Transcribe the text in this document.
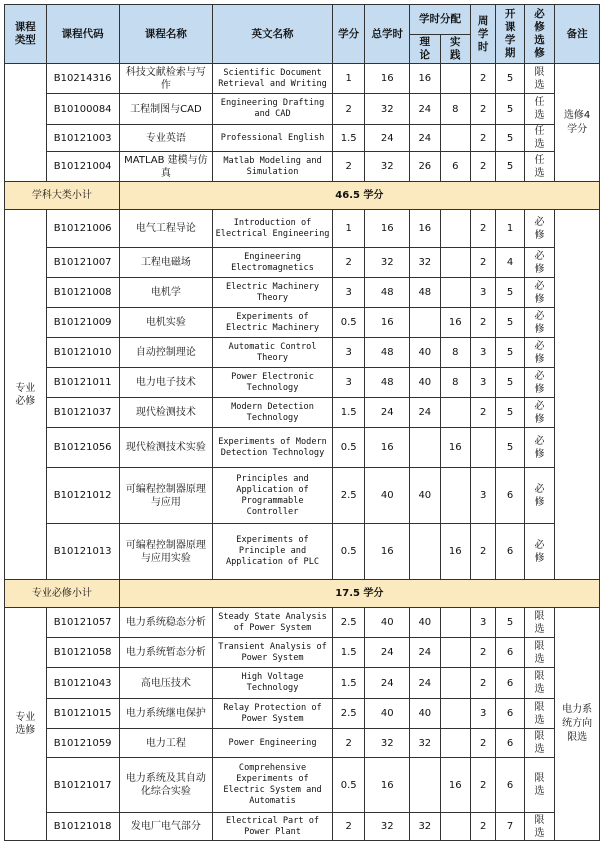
课程类型	课程代码	课程名称	英文名称	学分	总学时	学时分配		周学时	开课学期	必修选修	备注

						理论	实践				

	B10214316	科技文献检索与写作	Scientific Document Retrieval and Writing	1	16	16		2	5	限选	选修4 学分

	B10100084	工程制图与CAD	Engineering Drafting and CAD	2	32	24	8	2	5	任选	

	B10121003	专业英语	Professional English	1.5	24	24		2	5	任选	

	B10121004	MATLAB 建模与仿真	Matlab Modeling and Simulation	2	32	26	6	2	5	任选	

学科大类小计		46.5 学分									

专业必修	B10121006	电气工程导论	Introduction of Electrical Engineering	1	16	16		2	1	必修	

	B10121007	工程电磁场	Engineering Electromagnetics	2	32	32		2	4	必修	

	B10121008	电机学	Electric Machinery Theory	3	48	48		3	5	必修	

	B10121009	电机实验	Experiments of Electric Machinery	0.5	16		16	2	5	必修	

	B10121010	自动控制理论	Automatic Control Theory	3	48	40	8	3	5	必修	

	B10121011	电力电子技术	Power Electronic Technology	3	48	40	8	3	5	必修	

	B10121037	现代检测技术	Modern Detection Technology	1.5	24	24		2	5	必修	

	B10121056	现代检测技术实验	Experiments of Modern Detection Technology	0.5	16		16		5	必修	

	B10121012	可编程控制器原理与应用	Principles and Application of Programmable Controller	2.5	40	40		3	6	必修	

	B10121013	可编程控制器原理与应用实验	Experiments of Principle and Application of PLC	0.5	16		16	2	6	必修	

专业必修小计		17.5 学分									

专业选修	B10121057	电力系统稳态分析	Steady State Analysis of Power System	2.5	40	40		3	5	限选	电力系统方向限选

	B10121058	电力系统暂态分析	Transient Analysis of Power System	1.5	24	24		2	6	限选	

	B10121043	高电压技术	High Voltage Technology	1.5	24	24		2	6	限选	

	B10121015	电力系统继电保护	Relay Protection of Power System	2.5	40	40		3	6	限选	

	B10121059	电力工程	Power Engineering	2	32	32		2	6	限选	

	B10121017	电力系统及其自动化综合实验	Comprehensive Experiments of Electric System and Automatis	0.5	16		16	2	6	限选	

	B10121018	发电厂电气部分	Electrical Part of Power Plant	2	32	32		2	7	限选	
